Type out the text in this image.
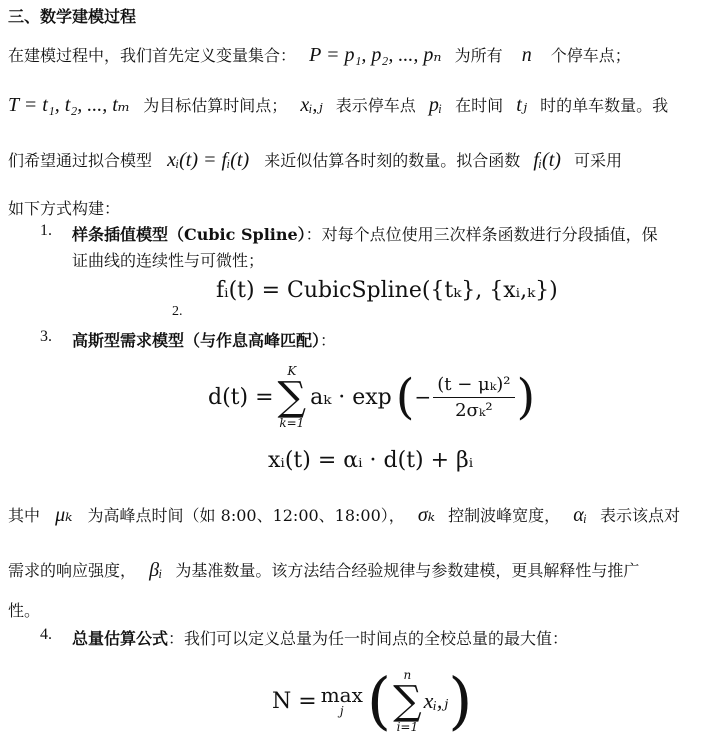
三、数学建模过程
在建模过程中，我们首先定义变量集合： P = p₁, p₂, ..., pₙ 为所有 n 个停车点；
T = t₁, t₂, ..., tₘ 为目标估算时间点； xᵢ,ⱼ 表示停车点 pᵢ 在时间 tⱼ 时的单车数量。我
们希望通过拟合模型 xᵢ(t) = fᵢ(t) 来近似估算各时刻的数量。拟合函数 fᵢ(t) 可采用
如下方式构建：
1. 样条插值模型（Cubic Spline）：对每个点位使用三次样条函数进行分段插值，保
证曲线的连续性与可微性；
fᵢ(t) = CubicSpline({tₖ}, {xᵢ,ₖ})
2.
3. 高斯型需求模型（与作息高峰匹配）：
d(t) =
K
∑
k=1
aₖ · exp ( − $\frac{\text{(t − μₖ)²}}{\text{2σₖ²}}$ )
xᵢ(t) = αᵢ · d(t) + βᵢ
其中 μₖ 为高峰点时间（如 8:00、12:00、18:00）， σₖ 控制波峰宽度， αᵢ 表示该点对
需求的响应强度， βᵢ 为基准数量。该方法结合经验规律与参数建模，更具解释性与推广
性。
4. 总量估算公式：我们可以定义总量为任一时间点的全校总量的最大值：
N = max
j (	n
∑
i=1
xᵢ,ⱼ )
